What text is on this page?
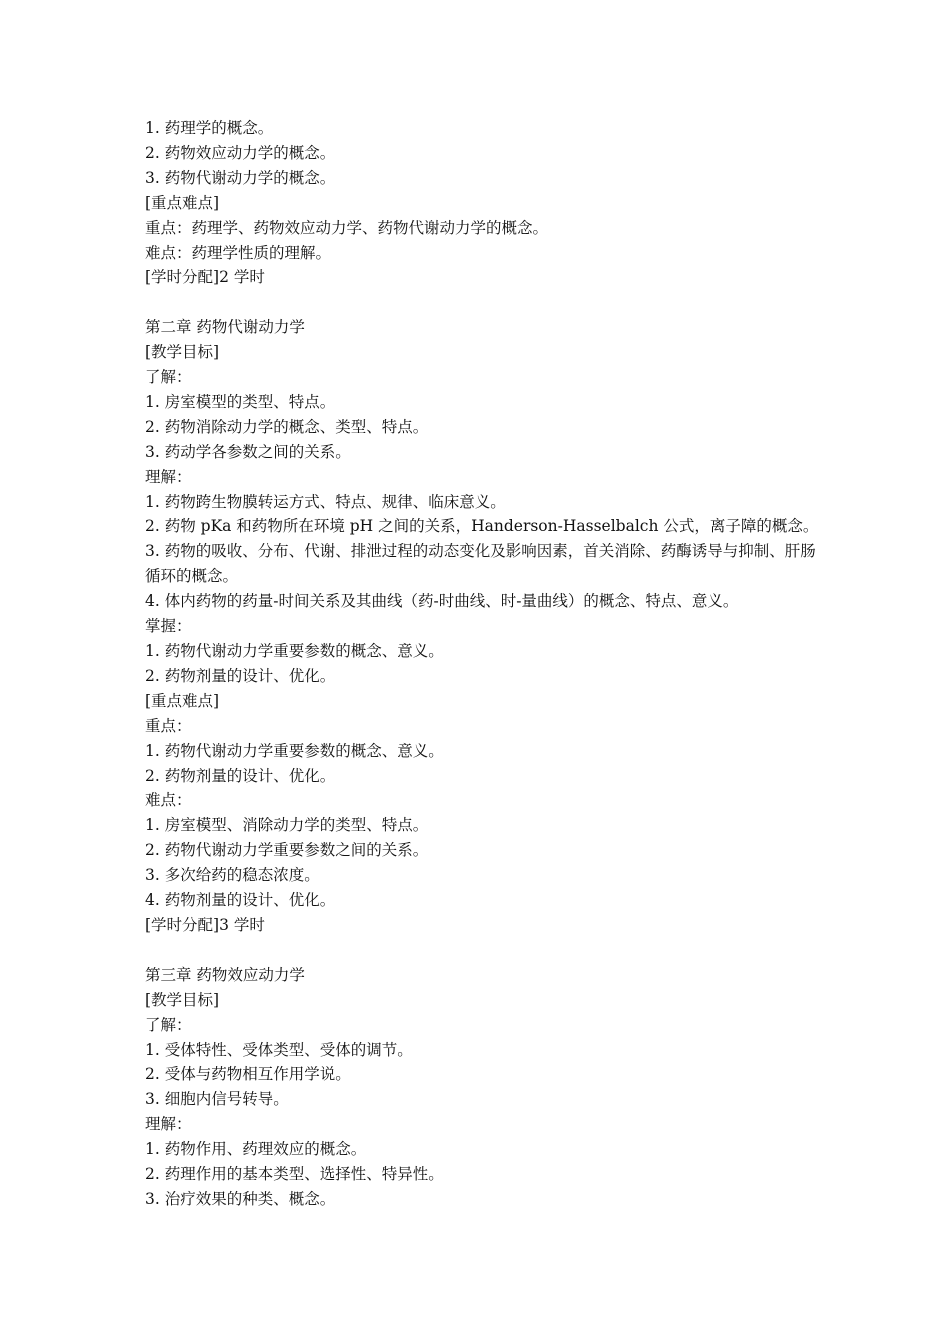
1. 药理学的概念。
2. 药物效应动力学的概念。
3. 药物代谢动力学的概念。
[重点难点]
重点：药理学、药物效应动力学、药物代谢动力学的概念。
难点：药理学性质的理解。
[学时分配]2 学时
第二章 药物代谢动力学
[教学目标]
了解：
1. 房室模型的类型、特点。
2. 药物消除动力学的概念、类型、特点。
3. 药动学各参数之间的关系。
理解：
1. 药物跨生物膜转运方式、特点、规律、临床意义。
2. 药物 pKa 和药物所在环境 pH 之间的关系，Handerson-Hasselbalch 公式，离子障的概念。
3. 药物的吸收、分布、代谢、排泄过程的动态变化及影响因素，首关消除、药酶诱导与抑制、肝肠循环的概念。
4. 体内药物的药量-时间关系及其曲线（药-时曲线、时-量曲线）的概念、特点、意义。
掌握：
1. 药物代谢动力学重要参数的概念、意义。
2. 药物剂量的设计、优化。
[重点难点]
重点：
1. 药物代谢动力学重要参数的概念、意义。
2. 药物剂量的设计、优化。
难点：
1. 房室模型、消除动力学的类型、特点。
2. 药物代谢动力学重要参数之间的关系。
3. 多次给药的稳态浓度。
4. 药物剂量的设计、优化。
[学时分配]3 学时
第三章 药物效应动力学
[教学目标]
了解：
1. 受体特性、受体类型、受体的调节。
2. 受体与药物相互作用学说。
3. 细胞内信号转导。
理解：
1. 药物作用、药理效应的概念。
2. 药理作用的基本类型、选择性、特异性。
3. 治疗效果的种类、概念。
